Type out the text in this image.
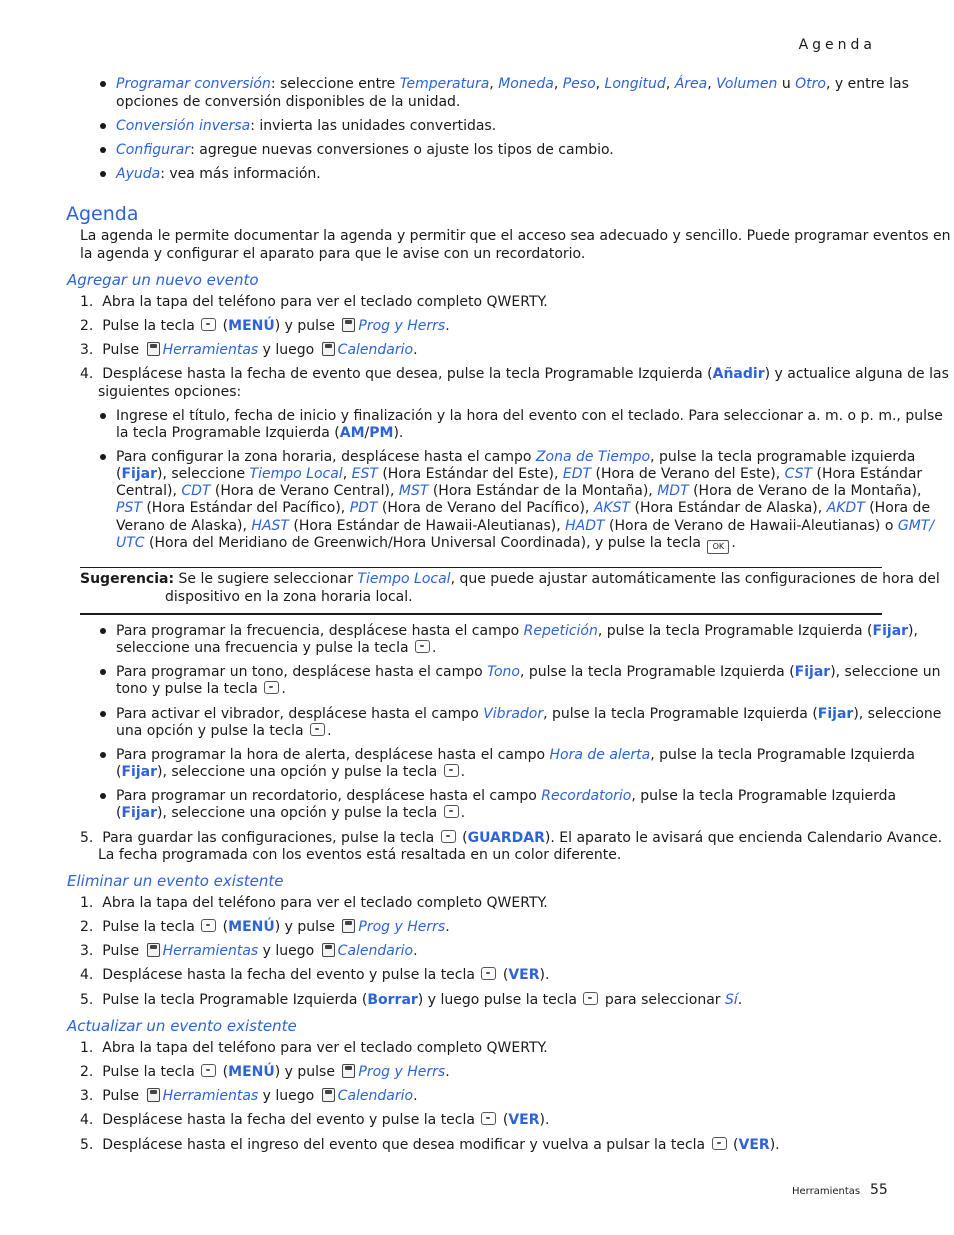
Agenda
Programar conversión: seleccione entre Temperatura, Moneda, Peso, Longitud, Área, Volumen u Otro, y entre las
opciones de conversión disponibles de la unidad.
Conversión inversa: invierta las unidades convertidas.
Configurar: agregue nuevas conversiones o ajuste los tipos de cambio.
Ayuda: vea más información.
Agenda
La agenda le permite documentar la agenda y permitir que el acceso sea adecuado y sencillo. Puede programar eventos en
la agenda y configurar el aparato para que le avise con un recordatorio.
Agregar un nuevo evento
1. Abra la tapa del teléfono para ver el teclado completo QWERTY.
2. Pulse la tecla  (MENÚ) y pulse Prog y Herrs.
3. Pulse Herramientas y luego Calendario.
4. Desplácese hasta la fecha de evento que desea, pulse la tecla Programable Izquierda (Añadir) y actualice alguna de las
siguientes opciones:
Ingrese el título, fecha de inicio y finalización y la hora del evento con el teclado. Para seleccionar a. m. o p. m., pulse
la tecla Programable Izquierda (AM/PM).
Para configurar la zona horaria, desplácese hasta el campo Zona de Tiempo, pulse la tecla programable izquierda
(Fijar), seleccione Tiempo Local, EST (Hora Estándar del Este), EDT (Hora de Verano del Este), CST (Hora Estándar
Central), CDT (Hora de Verano Central), MST (Hora Estándar de la Montaña), MDT (Hora de Verano de la Montaña),
PST (Hora Estándar del Pacífico), PDT (Hora de Verano del Pacífico), AKST (Hora Estándar de Alaska), AKDT (Hora de
Verano de Alaska), HAST (Hora Estándar de Hawaii-Aleutianas), HADT (Hora de Verano de Hawaii-Aleutianas) o GMT/
UTC (Hora del Meridiano de Greenwich/Hora Universal Coordinada), y pulse la tecla OK .
Sugerencia: Se le sugiere seleccionar Tiempo Local, que puede ajustar automáticamente las configuraciones de hora del
dispositivo en la zona horaria local.
Para programar la frecuencia, desplácese hasta el campo Repetición, pulse la tecla Programable Izquierda (Fijar),
seleccione una frecuencia y pulse la tecla .
Para programar un tono, desplácese hasta el campo Tono, pulse la tecla Programable Izquierda (Fijar), seleccione un
tono y pulse la tecla .
Para activar el vibrador, desplácese hasta el campo Vibrador, pulse la tecla Programable Izquierda (Fijar), seleccione
una opción y pulse la tecla .
Para programar la hora de alerta, desplácese hasta el campo Hora de alerta, pulse la tecla Programable Izquierda
(Fijar), seleccione una opción y pulse la tecla .
Para programar un recordatorio, desplácese hasta el campo Recordatorio, pulse la tecla Programable Izquierda
(Fijar), seleccione una opción y pulse la tecla .
5. Para guardar las configuraciones, pulse la tecla  (GUARDAR). El aparato le avisará que encienda Calendario Avance.
La fecha programada con los eventos está resaltada en un color diferente.
Eliminar un evento existente
1. Abra la tapa del teléfono para ver el teclado completo QWERTY.
2. Pulse la tecla  (MENÚ) y pulse Prog y Herrs.
3. Pulse Herramientas y luego Calendario.
4. Desplácese hasta la fecha del evento y pulse la tecla  (VER).
5. Pulse la tecla Programable Izquierda (Borrar) y luego pulse la tecla  para seleccionar Sí.
Actualizar un evento existente
1. Abra la tapa del teléfono para ver el teclado completo QWERTY.
2. Pulse la tecla  (MENÚ) y pulse Prog y Herrs.
3. Pulse Herramientas y luego Calendario.
4. Desplácese hasta la fecha del evento y pulse la tecla  (VER).
5. Desplácese hasta el ingreso del evento que desea modificar y vuelva a pulsar la tecla  (VER).
Herramientas 55
